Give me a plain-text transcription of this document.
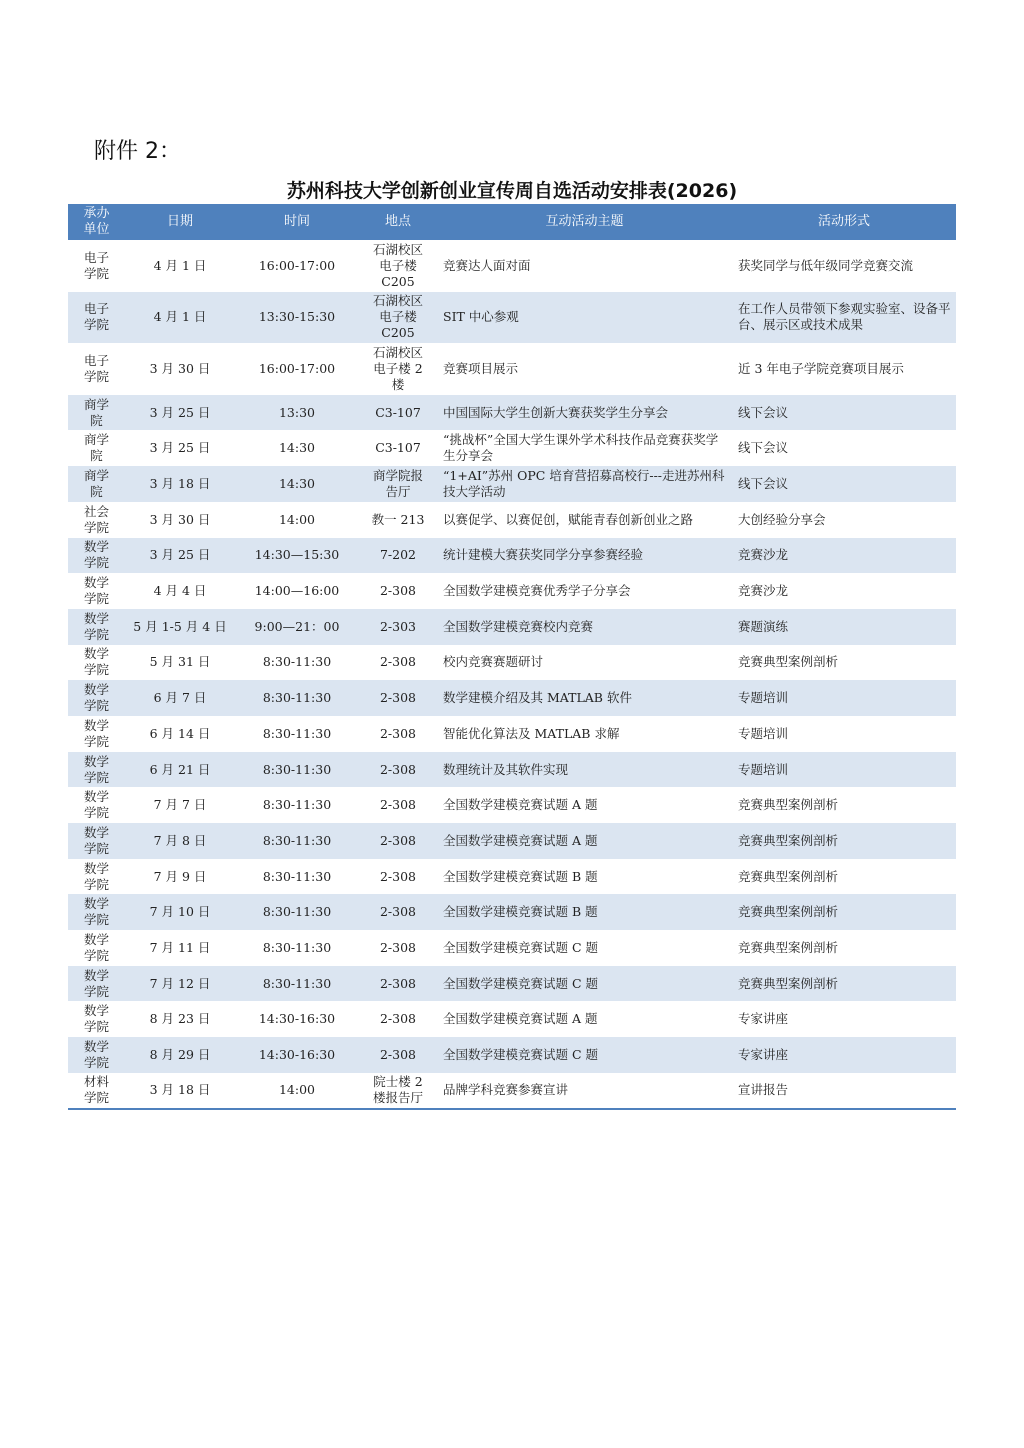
附件 2：
苏州科技大学创新创业宣传周自选活动安排表(2026)
承办单位	日期	时间	地点	互动活动主题	活动形式
电子学院	4 月 1 日	16:00-17:00	石湖校区电子楼C205	竞赛达人面对面	获奖同学与低年级同学竞赛交流
电子学院	4 月 1 日	13:30-15:30	石湖校区电子楼C205	SIT 中心参观	在工作人员带领下参观实验室、设备平台、展示区或技术成果
电子学院	3 月 30 日	16:00-17:00	石湖校区电子楼 2 楼	竞赛项目展示	近 3 年电子学院竞赛项目展示
商学院	3 月 25 日	13:30	C3-107	中国国际大学生创新大赛获奖学生分享会	线下会议
商学院	3 月 25 日	14:30	C3-107	“挑战杯”全国大学生课外学术科技作品竞赛获奖学生分享会	线下会议
商学院	3 月 18 日	14:30	商学院报告厅	“1+AI”苏州 OPC 培育营招募高校行---走进苏州科技大学活动	线下会议
社会学院	3 月 30 日	14:00	教一 213	以赛促学、以赛促创，赋能青春创新创业之路	大创经验分享会
数学学院	3 月 25 日	14:30—15:30	7-202	统计建模大赛获奖同学分享参赛经验	竞赛沙龙
数学学院	4 月 4 日	14:00—16:00	2-308	全国数学建模竞赛优秀学子分享会	竞赛沙龙
数学学院	5 月 1-5 月 4 日	9:00—21：00	2-303	全国数学建模竞赛校内竞赛	赛题演练
数学学院	5 月 31 日	8:30-11:30	2-308	校内竞赛赛题研讨	竞赛典型案例剖析
数学学院	6 月 7 日	8:30-11:30	2-308	数学建模介绍及其 MATLAB 软件	专题培训
数学学院	6 月 14 日	8:30-11:30	2-308	智能优化算法及 MATLAB 求解	专题培训
数学学院	6 月 21 日	8:30-11:30	2-308	数理统计及其软件实现	专题培训
数学学院	7 月 7 日	8:30-11:30	2-308	全国数学建模竞赛试题 A 题	竞赛典型案例剖析
数学学院	7 月 8 日	8:30-11:30	2-308	全国数学建模竞赛试题 A 题	竞赛典型案例剖析
数学学院	7 月 9 日	8:30-11:30	2-308	全国数学建模竞赛试题 B 题	竞赛典型案例剖析
数学学院	7 月 10 日	8:30-11:30	2-308	全国数学建模竞赛试题 B 题	竞赛典型案例剖析
数学学院	7 月 11 日	8:30-11:30	2-308	全国数学建模竞赛试题 C 题	竞赛典型案例剖析
数学学院	7 月 12 日	8:30-11:30	2-308	全国数学建模竞赛试题 C 题	竞赛典型案例剖析
数学学院	8 月 23 日	14:30-16:30	2-308	全国数学建模竞赛试题 A 题	专家讲座
数学学院	8 月 29 日	14:30-16:30	2-308	全国数学建模竞赛试题 C 题	专家讲座
材料学院	3 月 18 日	14:00	院士楼 2 楼报告厅	品牌学科竞赛参赛宣讲	宣讲报告
